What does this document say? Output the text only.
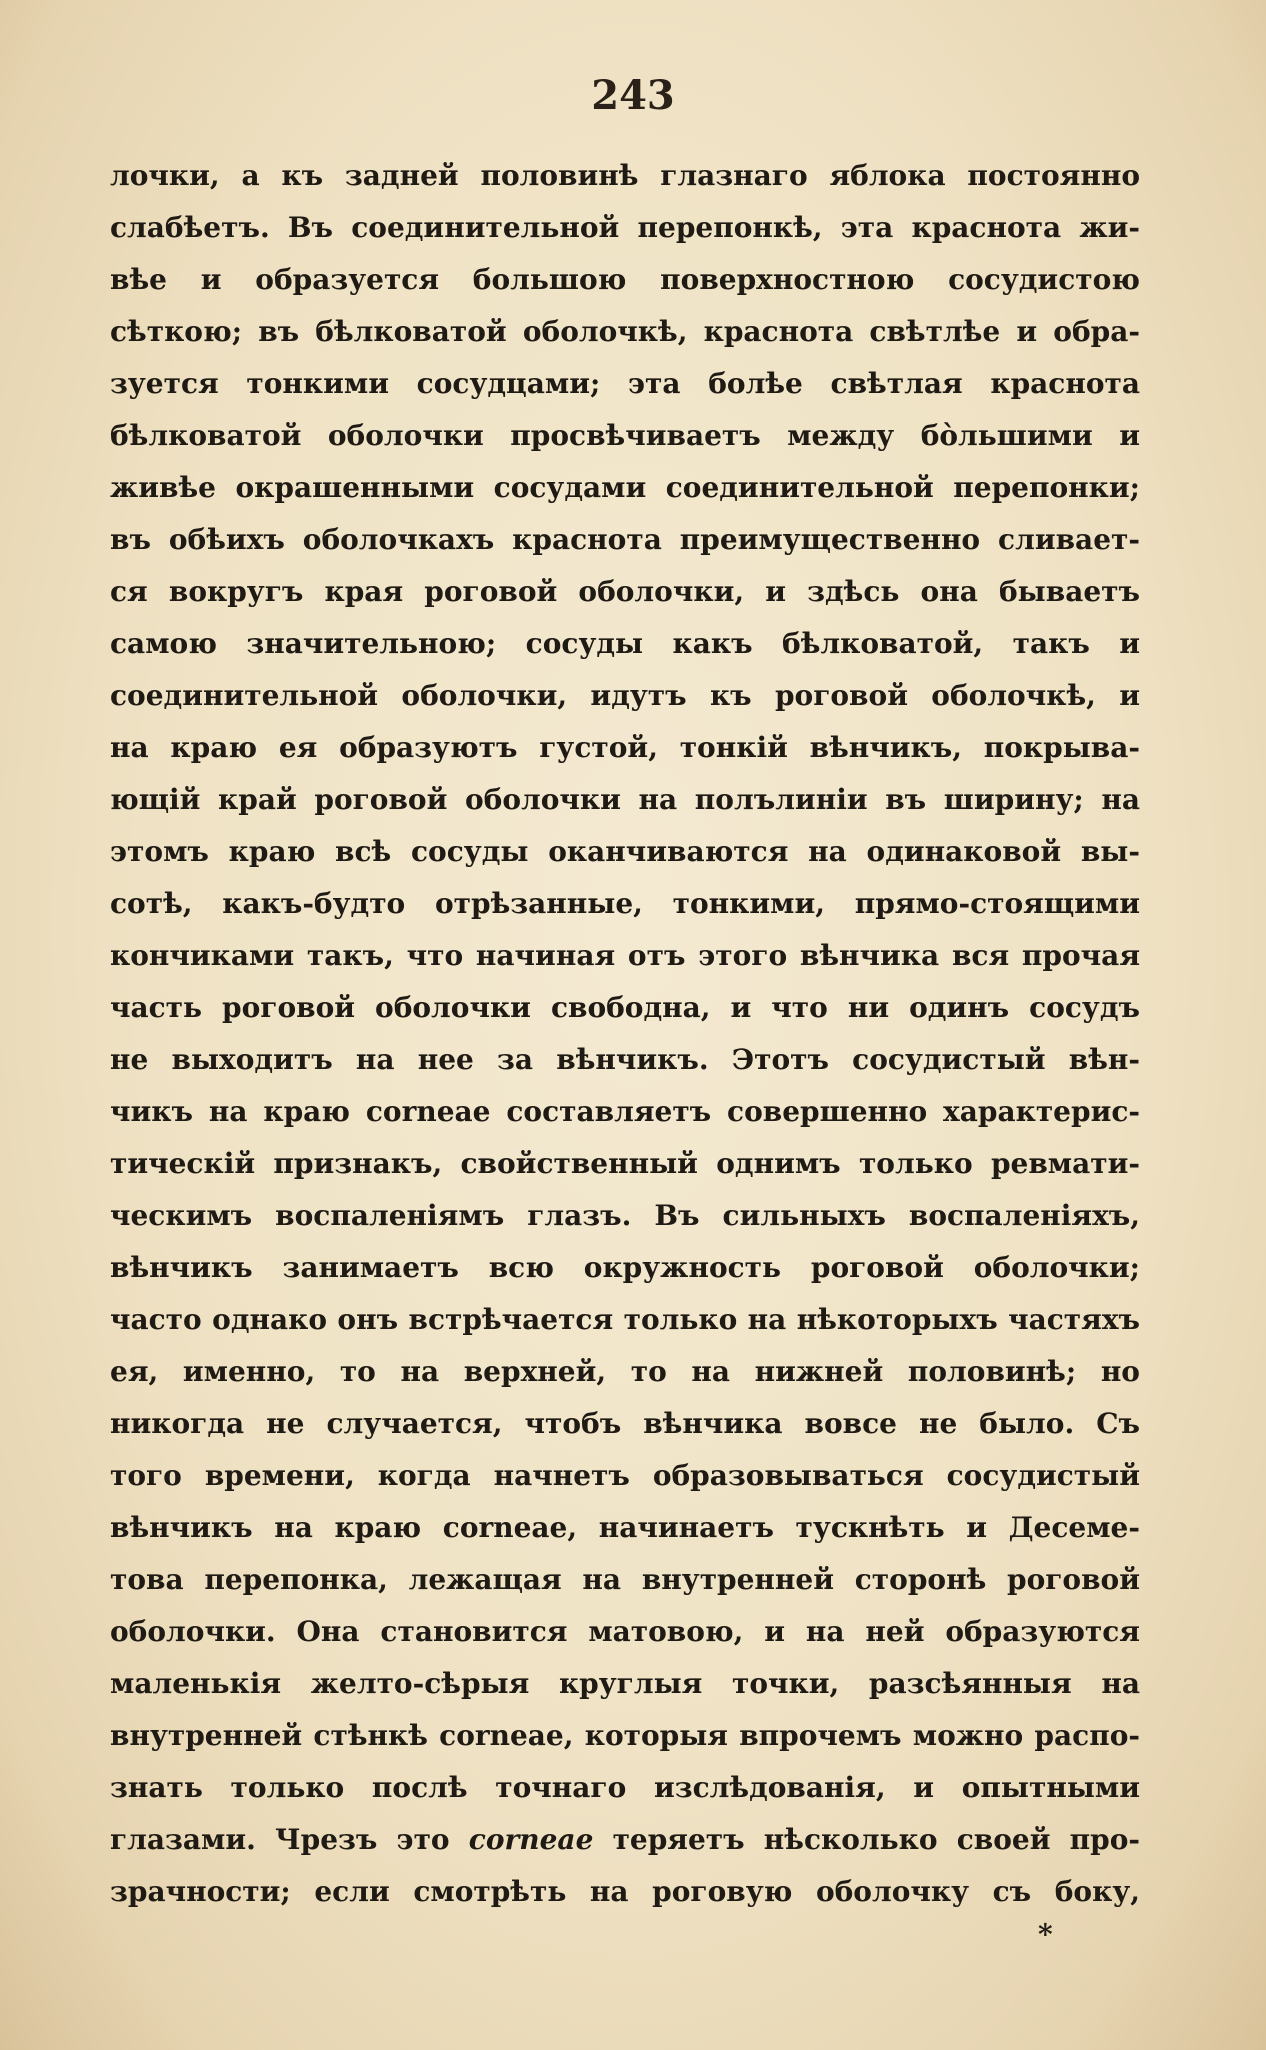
243
лочки, а къ задней половинѣ глазнаго яблока постоянно
слабѣетъ. Въ соединительной перепонкѣ, эта краснота жи-
вѣе и образуется большою поверхностною сосудистою
сѣткою; въ бѣлковатой оболочкѣ, краснота свѣтлѣе и обра-
зуется тонкими сосудцами; эта болѣе свѣтлая краснота
бѣлковатой оболочки просвѣчиваетъ между бо̀льшими и
живѣе окрашенными сосудами соединительной перепонки;
въ обѣихъ оболочкахъ краснота преимущественно сливает-
ся вокругъ края роговой оболочки, и здѣсь она бываетъ
самою значительною; сосуды какъ бѣлковатой, такъ и
соединительной оболочки, идутъ къ роговой оболочкѣ, и
на краю ея образуютъ густой, тонкій вѣнчикъ, покрыва-
ющій край роговой оболочки на полълиніи въ ширину; на
этомъ краю всѣ сосуды оканчиваются на одинаковой вы-
сотѣ, какъ-будто отрѣзанные, тонкими, прямо-стоящими
кончиками такъ, что начиная отъ этого вѣнчика вся прочая
часть роговой оболочки свободна, и что ни одинъ сосудъ
не выходитъ на нее за вѣнчикъ. Этотъ сосудистый вѣн-
чикъ на краю corneae составляетъ совершенно характерис-
тическій признакъ, свойственный однимъ только ревмати-
ческимъ воспаленіямъ глазъ. Въ сильныхъ воспаленіяхъ,
вѣнчикъ занимаетъ всю окружность роговой оболочки;
часто однако онъ встрѣчается только на нѣкоторыхъ частяхъ
ея, именно, то на верхней, то на нижней половинѣ; но
никогда не случается, чтобъ вѣнчика вовсе не было. Съ
того времени, когда начнетъ образовываться сосудистый
вѣнчикъ на краю corneae, начинаетъ тускнѣть и Десеме-
това перепонка, лежащая на внутренней сторонѣ роговой
оболочки. Она становится матовою, и на ней образуются
маленькія желто-сѣрыя круглыя точки, разсѣянныя на
внутренней стѣнкѣ corneae, которыя впрочемъ можно распо-
знать только послѣ точнаго изслѣдованія, и опытными
глазами. Чрезъ это corneae теряетъ нѣсколько своей про-
зрачности; если смотрѣть на роговую оболочку съ боку,
*
